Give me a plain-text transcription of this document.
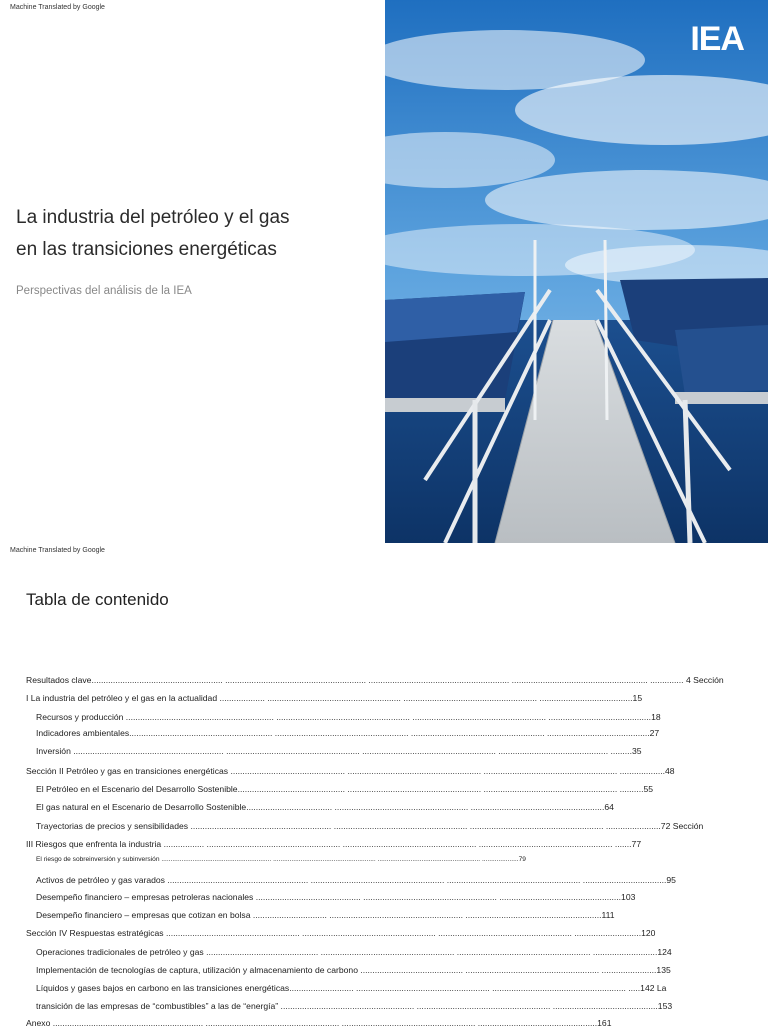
Machine Translated by Google
La industria del petróleo y el gas
en las transiciones energéticas
Perspectivas del análisis de la IEA
IEA
Machine Translated by Google
Tabla de contenido
Resultados clave....................................................... ........................................................... ........................................................... ......................................................... .............. 4 Sección
I La industria del petróleo y el gas en la actualidad ................... ........................................................ ........................................................ .......................................15
Recursos y producción .............................................................. ........................................................ ........................................................ ...........................................18
Indicadores ambientales............................................................ ........................................................ ........................................................ ...........................................27
Inversión ............................................................... ........................................................ ........................................................ .............................................. .........35
Sección II Petróleo y gas en transiciones energéticas ................................................ ........................................................ ........................................................ ...................48
El Petróleo en el Escenario del Desarrollo Sostenible............................................. ........................................................ ........................................................ ..........55
El gas natural en el Escenario de Desarrollo Sostenible.................................... ........................................................ ........................................................64
Trayectorias de precios y sensibilidades ........................................................... ........................................................ ........................................................ .......................72 Sección
III Riesgos que enfrenta la industria ................. ........................................................ ........................................................ ........................................................ .......77
El riesgo de sobreinversión y subinversión ............................................................ ........................................................ ........................................................ ....................79
Activos de petróleo y gas varados ........................................................... ........................................................ ........................................................ ...................................95
Desempeño financiero – empresas petroleras nacionales ............................................ ........................................................ ...................................................103
Desempeño financiero – empresas que cotizan en bolsa ............................... ........................................................ .........................................................111
Sección IV Respuestas estratégicas ........................................................ ........................................................ ........................................................ ............................120
Operaciones tradicionales de petróleo y gas ............................................... ........................................................ ........................................................ ...........................124
Implementación de tecnologías de captura, utilización y almacenamiento de carbono ........................................... ........................................................ .......................135
Líquidos y gases bajos en carbono en las transiciones energéticas........................... ........................................................ ........................................................ .....142 La
transición de las empresas de “combustibles” a las de “energía” ........................................................ ........................................................ ............................................153
Anexo ............................................................... ........................................................ ........................................................ ..................................................161
